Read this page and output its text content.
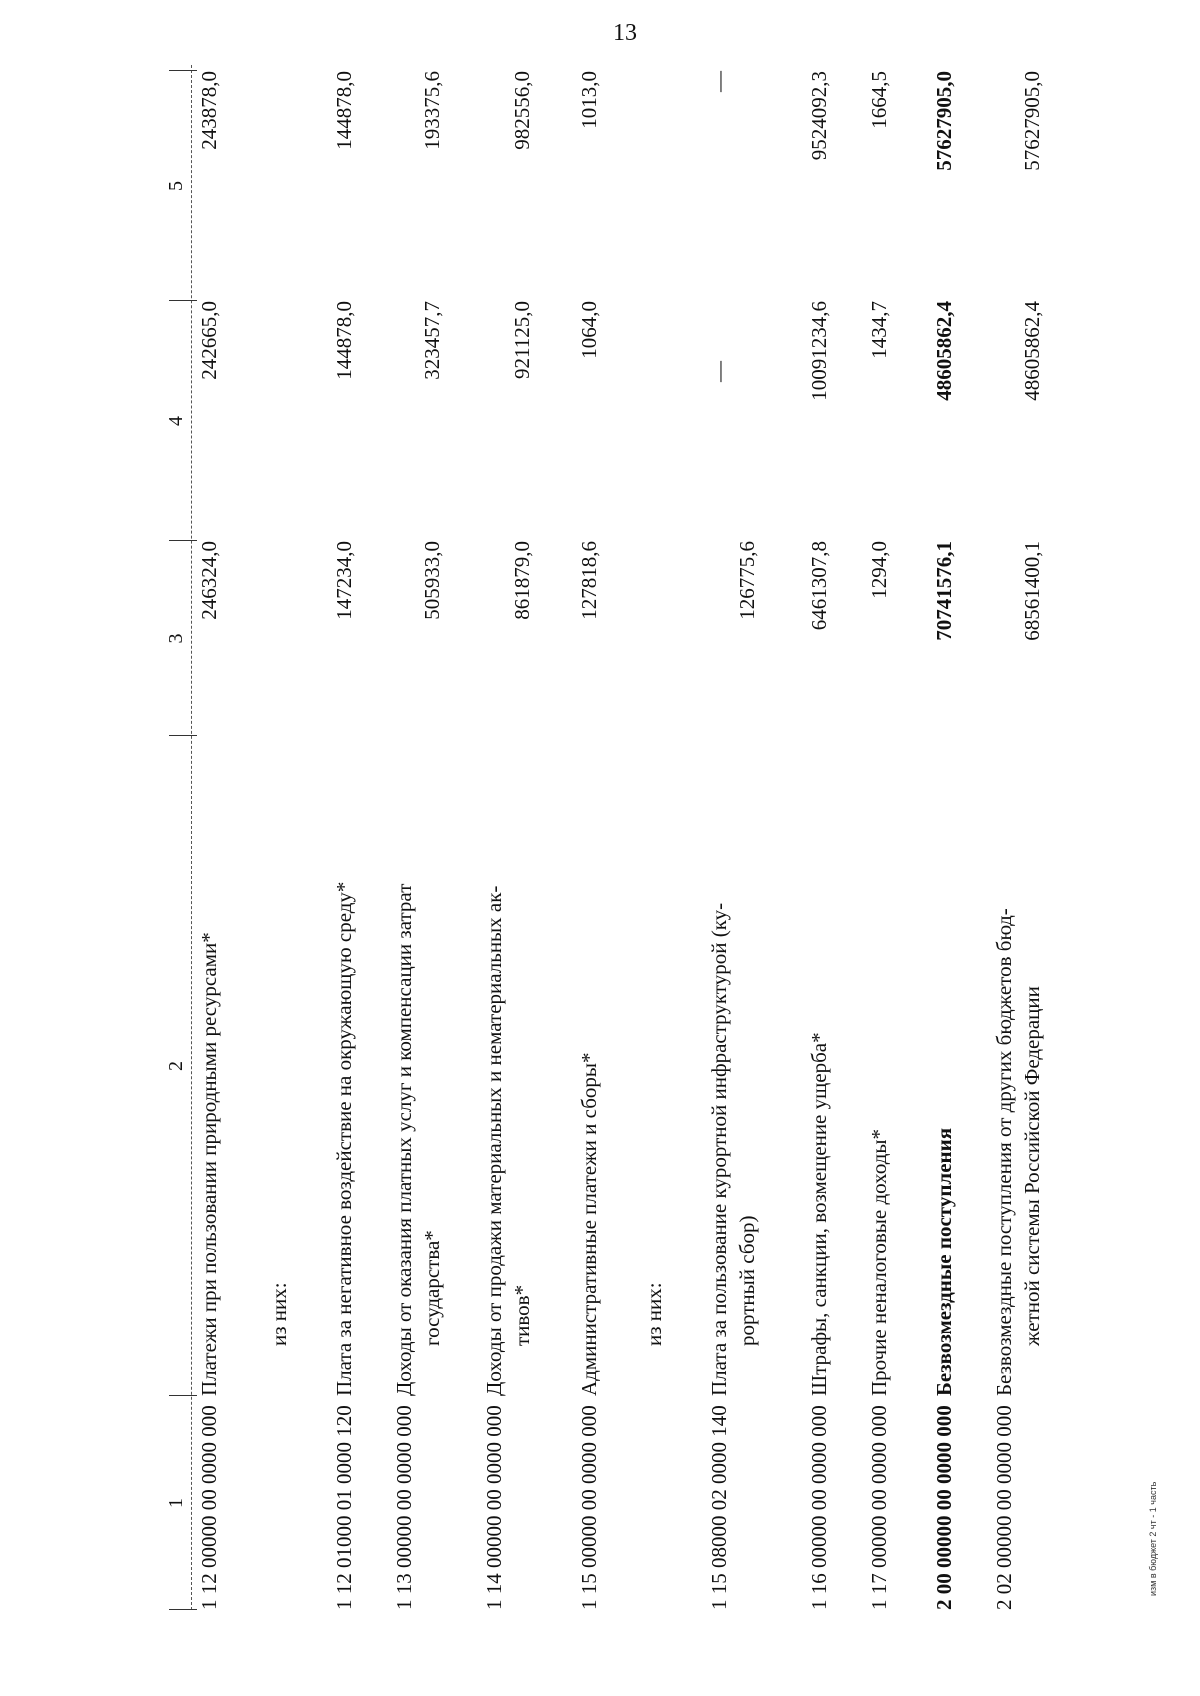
13
1
2
3
4
5
1 12 00000 00 0000 000
Платежи при пользовании природными ресурсами*
246324,0
242665,0
243878,0
из них:
1 12 01000 01 0000 120
Плата за негативное воздействие на окружающую среду*
147234,0
144878,0
144878,0
1 13 00000 00 0000 000
Доходы от оказания платных услуг и компенсации затрат государства*
505933,0
323457,7
193375,6
1 14 00000 00 0000 000
Доходы от продажи материальных и нематериальных ак- тивов*
861879,0
921125,0
982556,0
1 15 00000 00 0000 000
Административные платежи и сборы*
127818,6
1064,0
1013,0
из них:
1 15 08000 02 0000 140
Плата за пользование курортной инфраструктурой (ку- рортный сбор)
126775,6
—
—
1 16 00000 00 0000 000
Штрафы, санкции, возмещение ущерба*
6461307,8
10091234,6
9524092,3
1 17 00000 00 0000 000
Прочие неналоговые доходы*
1294,0
1434,7
1664,5
2 00 00000 00 0000 000
Безвозмездные поступления
70741576,1
48605862,4
57627905,0
2 02 00000 00 0000 000
Безвозмездные поступления от других бюджетов бюд- жетной системы Российской Федерации
68561400,1
48605862,4
57627905,0
изм в бюджет 2 чт - 1 часть
